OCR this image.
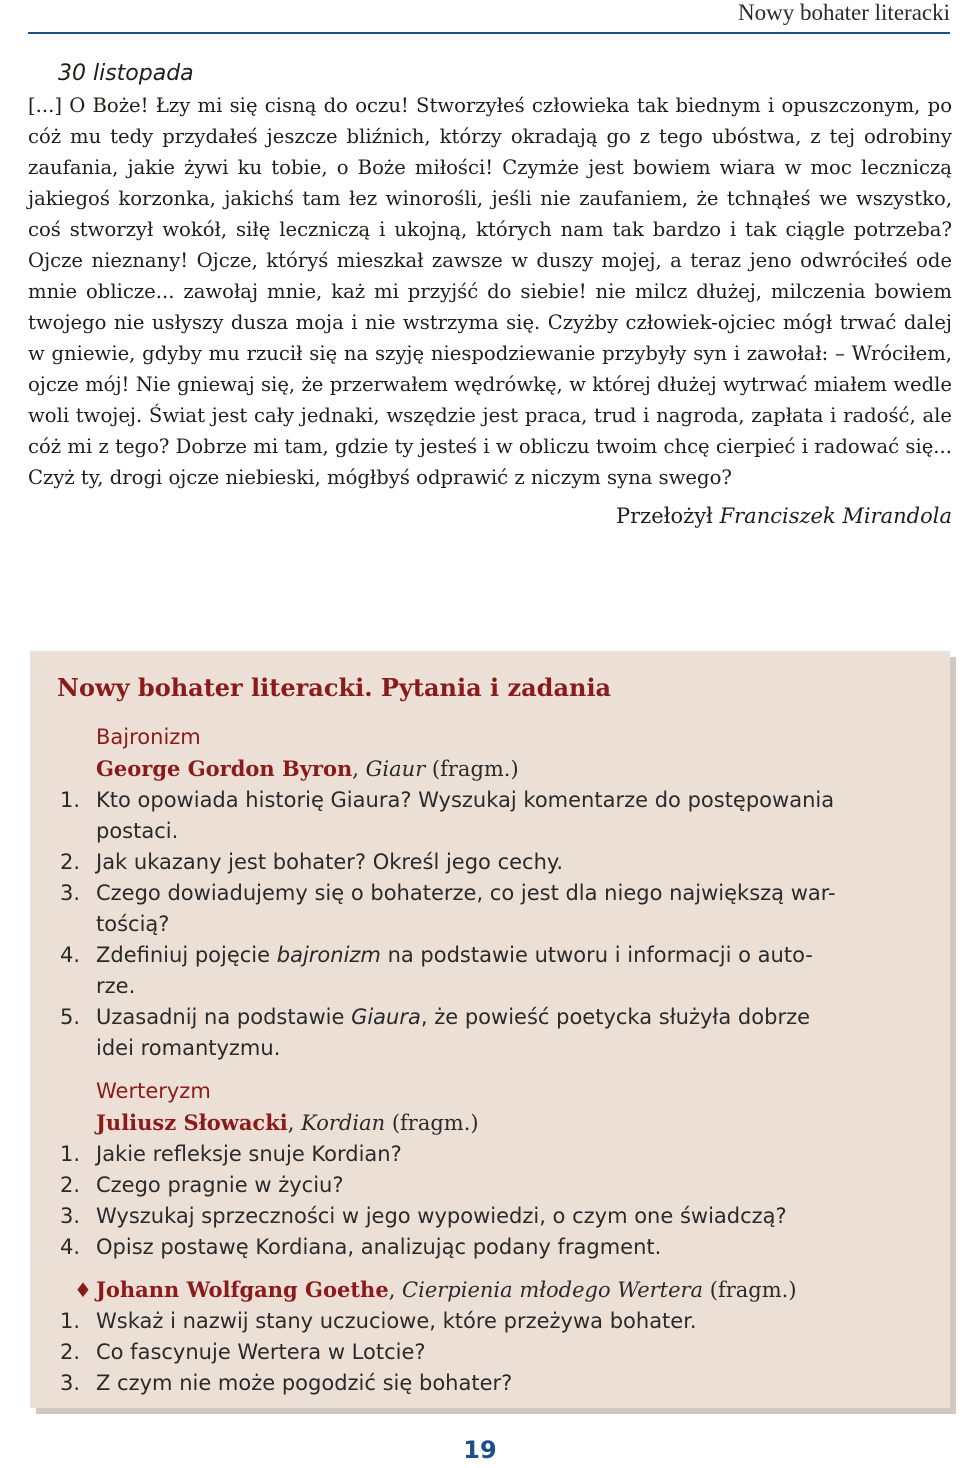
Nowy bohater literacki
30 listopada

[...] O Boże! Łzy mi się cisną do oczu! Stworzyłeś człowieka tak biednym i opuszczonym, po cóż mu tedy przydałeś jeszcze bliźnich, którzy okradają go z tego ubóstwa, z tej odrobiny zaufania, jakie żywi ku tobie, o Boże miłości! Czymże jest bowiem wiara w moc leczniczą jakiegoś korzonka, jakichś tam łez winorośli, jeśli nie zaufaniem, że tchnąłeś we wszystko, coś stworzył wokół, siłę leczniczą i ukojną, których nam tak bardzo i tak ciągle potrzeba? Ojcze nieznany! Ojcze, któryś mieszkał zawsze w duszy mojej, a teraz jeno odwróciłeś ode mnie oblicze... zawołaj mnie, każ mi przyjść do siebie! nie milcz dłużej, milczenia bowiem twojego nie usłyszy dusza moja i nie wstrzyma się. Czyżby człowiek-ojciec mógł trwać dalej w gniewie, gdyby mu rzucił się na szyję niespodziewanie przybyły syn i zawołał: – Wróciłem, ojcze mój! Nie gniewaj się, że przerwałem wędrówkę, w której dłużej wytrwać miałem wedle woli twojej. Świat jest cały jednaki, wszędzie jest praca, trud i nagroda, zapłata i radość, ale cóż mi z tego? Dobrze mi tam, gdzie ty jesteś i w obliczu twoim chcę cierpieć i radować się... Czyż ty, drogi ojcze niebieski, mógłbyś odprawić z niczym syna swego?

Przełożył Franciszek Mirandola
Nowy bohater literacki. Pytania i zadania
Bajronizm
George Gordon Byron, Giaur (fragm.)
1. Kto opowiada historię Giaura? Wyszukaj komentarze do postępowania
postaci.
2. Jak ukazany jest bohater? Określ jego cechy.
3. Czego dowiadujemy się o bohaterze, co jest dla niego największą war-
tością?
4. Zdefiniuj pojęcie bajronizm na podstawie utworu i informacji o auto-
rze.
5. Uzasadnij na podstawie Giaura, że powieść poetycka służyła dobrze
idei romantyzmu.
Werteryzm
Juliusz Słowacki, Kordian (fragm.)
1. Jakie refleksje snuje Kordian?
2. Czego pragnie w życiu?
3. Wyszukaj sprzeczności w jego wypowiedzi, o czym one świadczą?
4. Opisz postawę Kordiana, analizując podany fragment.
♦ Johann Wolfgang Goethe, Cierpienia młodego Wertera (fragm.)
1. Wskaż i nazwij stany uczuciowe, które przeżywa bohater.
2. Co fascynuje Wertera w Lotcie?
3. Z czym nie może pogodzić się bohater?
19
